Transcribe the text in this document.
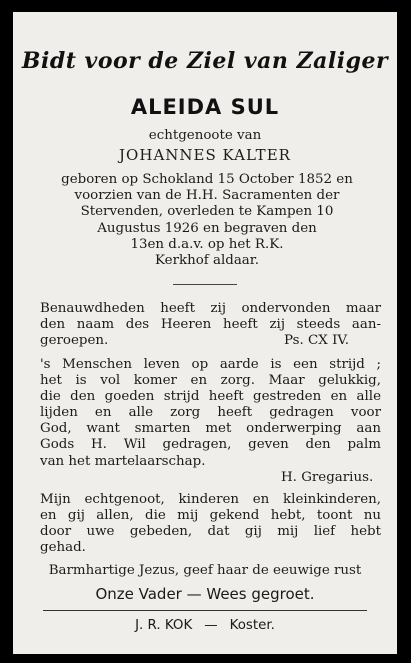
Bidt voor de Ziel van Zaliger
ALEIDA SUL
echtgenoote van
JOHANNES KALTER
geboren op Schokland 15 October 1852 en
voorzien van de H.H. Sacramenten der
Stervenden, overleden te Kampen 10
Augustus 1926 en begraven den
13en d.a.v. op het R.K.
Kerkhof aldaar.
Benauwdheden heeft zij ondervonden maar
den naam des Heeren heeft zij steeds aan-
geroepen.	Ps. CX IV.
's Menschen leven op aarde is een strijd ;
het is vol komer en zorg. Maar gelukkig,
die den goeden strijd heeft gestreden en alle
lijden en alle zorg heeft gedragen voor
God, want smarten met onderwerping aan
Gods H. Wil gedragen, geven den palm
van het martelaarschap.
H. Gregarius.
Mijn echtgenoot, kinderen en kleinkinderen,
en gij allen, die mij gekend hebt, toont nu
door uwe gebeden, dat gij mij lief hebt
gehad.
Barmhartige Jezus, geef haar de eeuwige rust
Onze Vader — Wees gegroet.
J. R. KOK — Koster.
